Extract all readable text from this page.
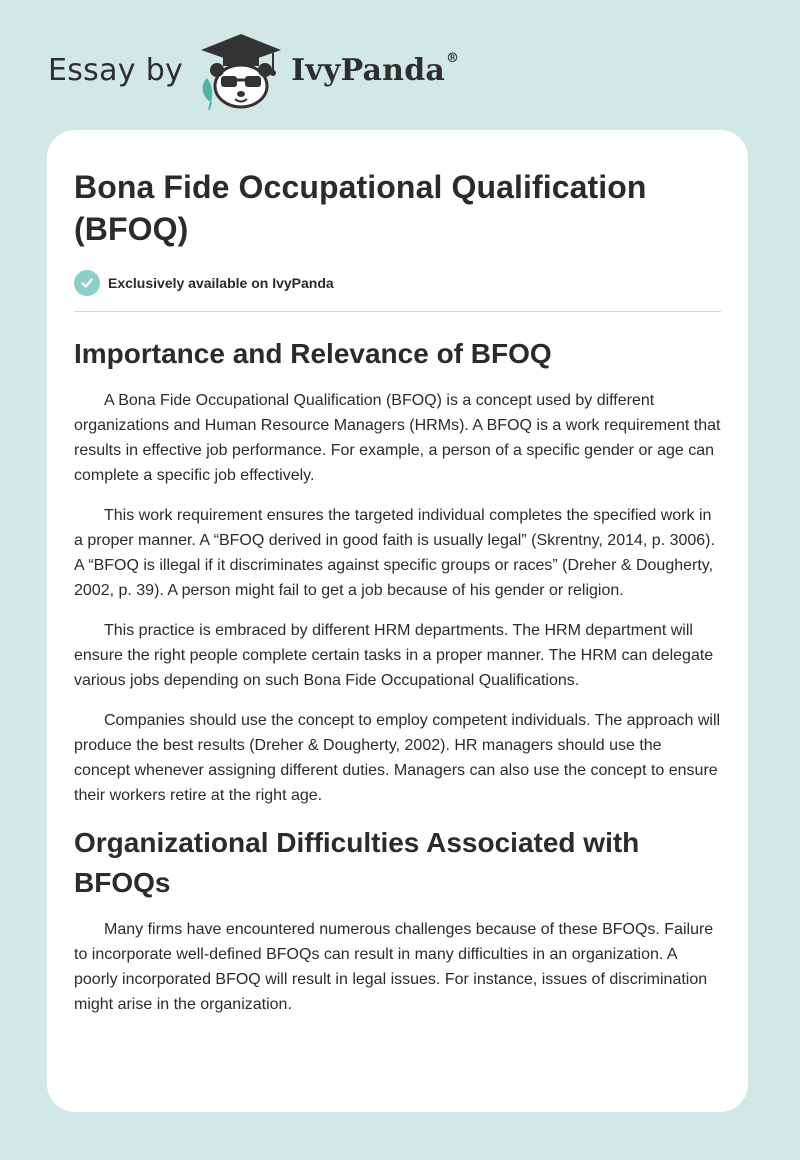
Essay by	IvyPanda®
Bona Fide Occupational Qualification (BFOQ)
Exclusively available on IvyPanda
Importance and Relevance of BFOQ

A Bona Fide Occupational Qualification (BFOQ) is a concept used by different organizations and Human Resource Managers (HRMs). A BFOQ is a work requirement that results in effective job performance. For example, a person of a specific gender or age can complete a specific job effectively.

This work requirement ensures the targeted individual completes the specified work in a proper manner. A “BFOQ derived in good faith is usually legal” (Skrentny, 2014, p. 3006). A “BFOQ is illegal if it discriminates against specific groups or races” (Dreher & Dougherty, 2002, p. 39). A person might fail to get a job because of his gender or religion.

This practice is embraced by different HRM departments. The HRM department will ensure the right people complete certain tasks in a proper manner. The HRM can delegate various jobs depending on such Bona Fide Occupational Qualifications.

Companies should use the concept to employ competent individuals. The approach will produce the best results (Dreher & Dougherty, 2002). HR managers should use the concept whenever assigning different duties. Managers can also use the concept to ensure their workers retire at the right age.

Organizational Difficulties Associated with BFOQs

Many firms have encountered numerous challenges because of these BFOQs. Failure to incorporate well-defined BFOQs can result in many difficulties in an organization. A poorly incorporated BFOQ will result in legal issues. For instance, issues of discrimination might arise in the organization.
